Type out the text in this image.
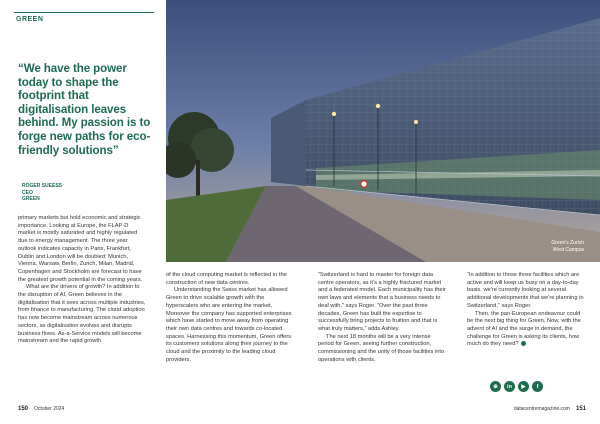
GREEN
“We have the power today to shape the footprint that digitalisation leaves behind. My passion is to forge new paths for eco-friendly solutions”
ROGER SUEESS
CEO
GREEN
Green's Zurich
West Campus

primary markets but hold economic and strategic importance. Looking at Europe, the FLAP-D market is mostly saturated and highly regulated due to energy management. The three year outlook indicates capacity in Paris, Frankfurt, Dublin and London will be doubled: Munich, Vienna, Warsaw, Berlin, Zurich, Milan, Madrid, Copenhagen and Stockholm are forecast to have the greatest growth potential in the coming years.

What are the drivers of growth? In addition to the disruption of AI, Green believes in the digitalisation that it sees across multiple industries, from finance to manufacturing. The cloud adoption has now become mainstream across numerous sectors, as digitalisation evolves and disrupts business flows. As-a-Service models will become mainstream and the rapid growth

of the cloud computing market is reflected in the construction of new data centres.

Understanding the Swiss market has allowed Green to drive scalable growth with the hyperscalers who are entering the market. Moreover the company has supported enterprises which have started to move away from operating their own data centres and towards co-located spaces. Harnessing this momentum, Green offers its customers solutions along their journey to the cloud and the proximity to the leading cloud providers.

“Switzerland is hard to master for foreign data centre operators, as it's a highly fractured market and a federated model. Each municipality has their own laws and elements that a business needs to deal with,” says Roger. “Over the past three decades, Green has built the expertise to successfully bring projects to fruition and that is what truly matters,” adds Ashley.

The next 18 months will be a very intense period for Green, seeing further construction, commissioning and the unity of those facilities into operations with clients.

“In addition to those three facilities which are active and will keep us busy on a day-to-day basis, we're currently looking at several additional developments that we're planning in Switzerland,” says Roger.

Then, the pan-European endeavour could be the next big thing for Green. Now, with the advent of AI and the surge in demand, the challenge for Green is asking its clients, how much do they need?

⊕	in	▶	f
150 October 2024	datacentremagazine.com 151
